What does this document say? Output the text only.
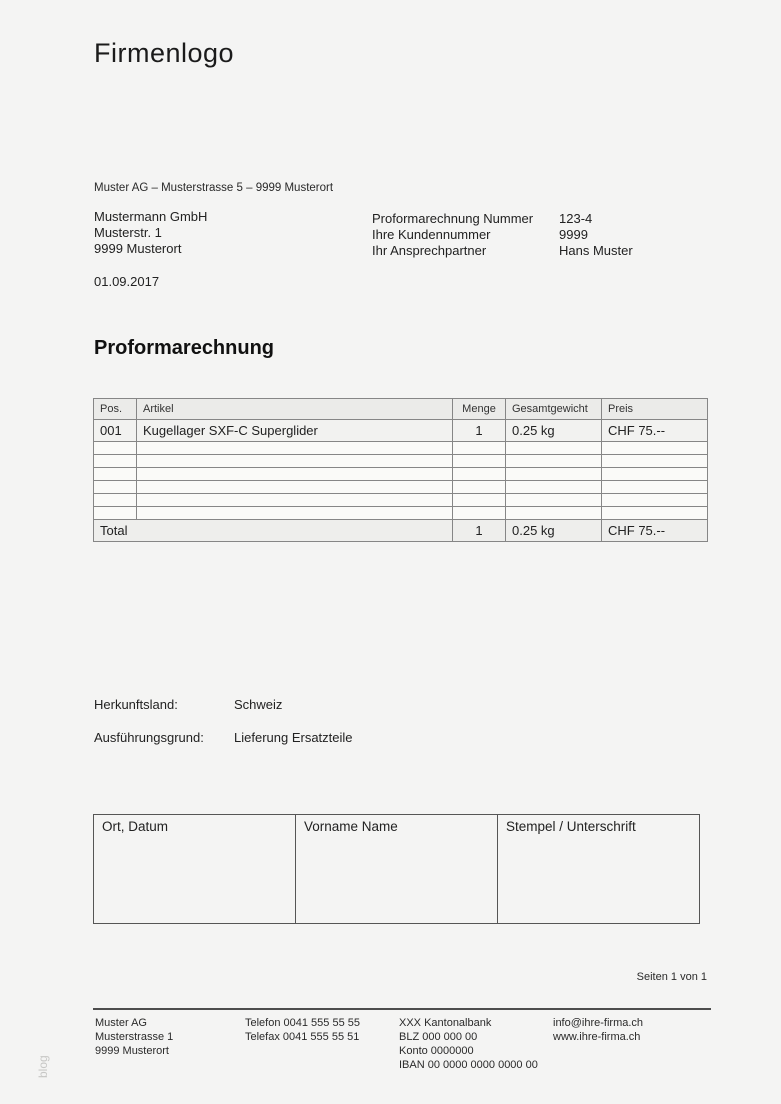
Firmenlogo
Muster AG – Musterstrasse 5 – 9999 Musterort
Mustermann GmbH
Musterstr. 1
9999 Musterort
Proformarechnung Nummer	123-4
Ihre Kundennummer	9999
Ihr Ansprechpartner	Hans Muster
01.09.2017
Proformarechnung
Pos.	Artikel	Menge	Gesamtgewicht	Preis
001	Kugellager SXF-C Superglider	1	0.25 kg	CHF 75.--

Total		1	0.25 kg	CHF 75.--
Herkunftsland:	Schweiz
Ausführungsgrund:	Lieferung Ersatzteile
Ort, Datum	Vorname Name	Stempel / Unterschrift
Seiten 1 von 1
Muster AG
Musterstrasse 1
9999 Musterort
Telefon 0041 555 55 55
Telefax 0041 555 55 51
XXX Kantonalbank
BLZ 000 000 00
Konto 0000000
IBAN 00 0000 0000 0000 00
info@ihre-firma.ch
www.ihre-firma.ch
blog
